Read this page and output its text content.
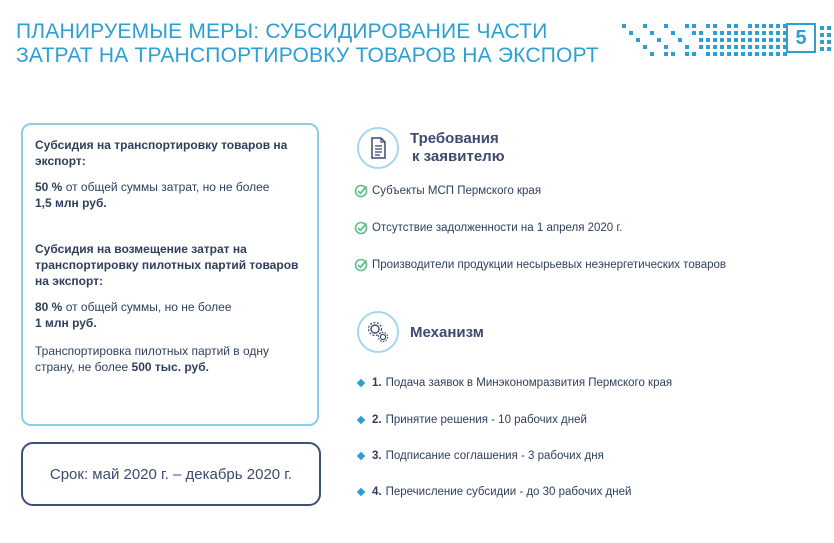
ПЛАНИРУЕМЫЕ МЕРЫ: СУБСИДИРОВАНИЕ ЧАСТИ
ЗАТРАТ НА ТРАНСПОРТИРОВКУ ТОВАРОВ НА ЭКСПОРТ
5

Субсидия на транспортировку товаров на экспорт:

50 % от общей суммы затрат, но не более
1,5 млн руб.

Субсидия на возмещение затрат на транспортировку пилотных партий товаров на экспорт:

80 % от общей суммы, но не более
1 млн руб.

Транспортировка пилотных партий в одну страну, не более 500 тыс. руб.

Срок: май 2020 г. – декабрь 2020 г.
Требования
к заявителю
Субъекты МСП Пермского края
Отсутствие задолженности на 1 апреля 2020 г.
Производители продукции несырьевых неэнергетических товаров
Механизм
1. Подача заявок в Минэкономразвития Пермского края
2. Принятие решения - 10 рабочих дней
3. Подписание соглашения - 3 рабочих дня
4. Перечисление субсидии - до 30 рабочих дней
